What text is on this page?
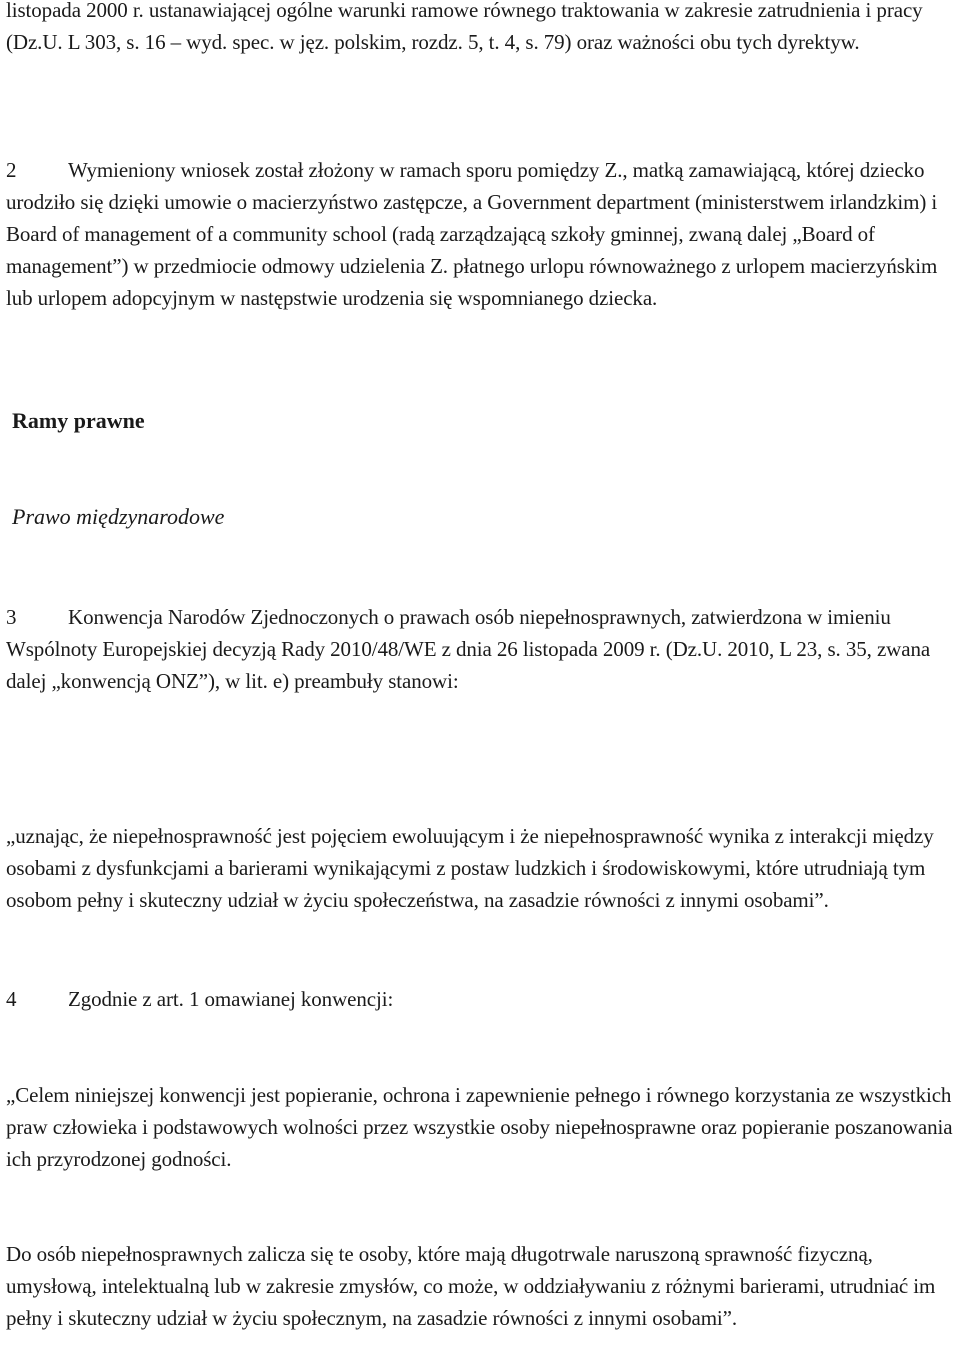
listopada 2000 r. ustanawiającej ogólne warunki ramowe równego traktowania w zakresie zatrudnienia i pracy (Dz.U. L 303, s. 16 – wyd. spec. w jęz. polskim, rozdz. 5, t. 4, s. 79) oraz ważności obu tych dyrektyw.

2 Wymieniony wniosek został złożony w ramach sporu pomiędzy Z., matką zamawiającą, której dziecko urodziło się dzięki umowie o macierzyństwo zastępcze, a Government department (ministerstwem irlandzkim) i Board of management of a community school (radą zarządzającą szkoły gminnej, zwaną dalej „Board of management”) w przedmiocie odmowy udzielenia Z. płatnego urlopu równoważnego z urlopem macierzyńskim lub urlopem adopcyjnym w następstwie urodzenia się wspomnianego dziecka.

Ramy prawne
Prawo międzynarodowe

3 Konwencja Narodów Zjednoczonych o prawach osób niepełnosprawnych, zatwierdzona w imieniu Wspólnoty Europejskiej decyzją Rady 2010/48/WE z dnia 26 listopada 2009 r. (Dz.U. 2010, L 23, s. 35, zwana dalej „konwencją ONZ”), w lit. e) preambuły stanowi:

„uznając, że niepełnosprawność jest pojęciem ewoluującym i że niepełnosprawność wynika z interakcji między osobami z dysfunkcjami a barierami wynikającymi z postaw ludzkich i środowiskowymi, które utrudniają tym osobom pełny i skuteczny udział w życiu społeczeństwa, na zasadzie równości z innymi osobami”.

4 Zgodnie z art. 1 omawianej konwencji:

„Celem niniejszej konwencji jest popieranie, ochrona i zapewnienie pełnego i równego korzystania ze wszystkich praw człowieka i podstawowych wolności przez wszystkie osoby niepełnosprawne oraz popieranie poszanowania ich przyrodzonej godności.

Do osób niepełnosprawnych zalicza się te osoby, które mają długotrwale naruszoną sprawność fizyczną, umysłową, intelektualną lub w zakresie zmysłów, co może, w oddziaływaniu z różnymi barierami, utrudniać im pełny i skuteczny udział w życiu społecznym, na zasadzie równości z innymi osobami”.
